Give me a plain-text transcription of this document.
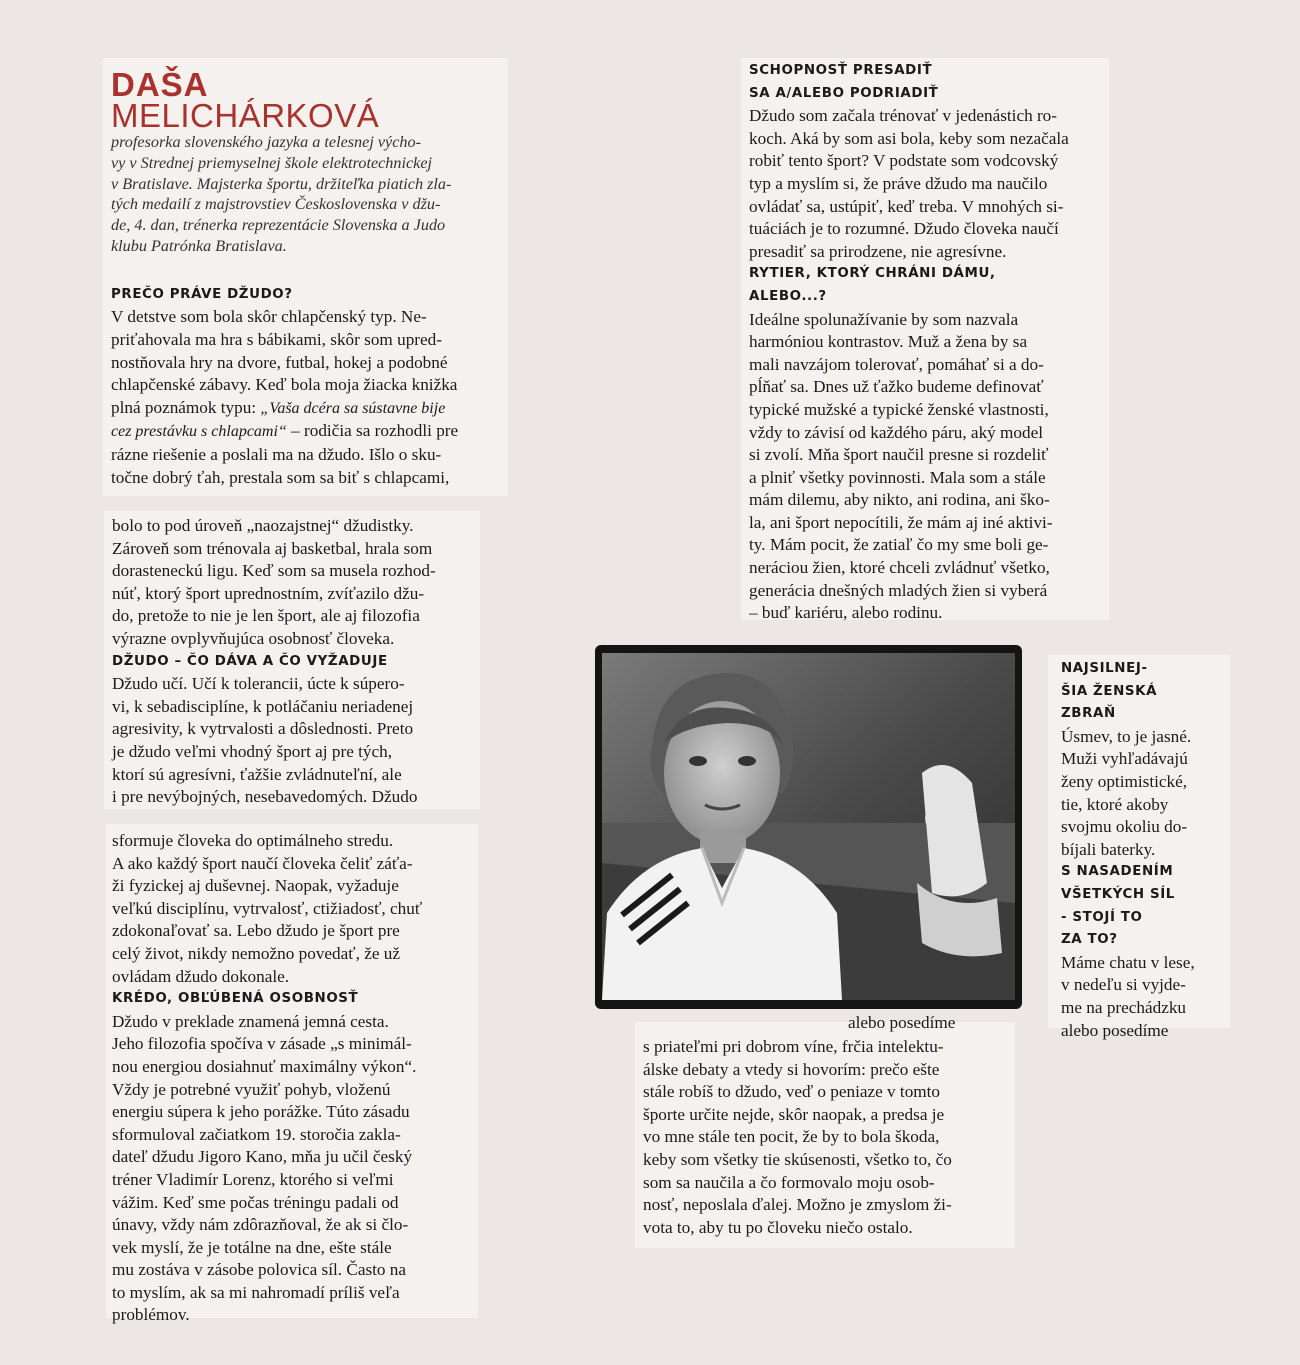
DAŠA
MELICHÁRKOVÁ
profesorka slovenského jazyka a telesnej výcho-
vy v Strednej priemyselnej škole elektrotechnickej
v Bratislave. Majsterka športu, držiteľka piatich zla-
tých medailí z majstrovstiev Československa v džu-
de, 4. dan, trénerka reprezentácie Slovenska a Judo
klubu Patrónka Bratislava.
PREČO PRÁVE DŽUDO?
V detstve som bola skôr chlapčenský typ. Ne-
priťahovala ma hra s bábikami, skôr som upred-
nostňovala hry na dvore, futbal, hokej a podobné
chlapčenské zábavy. Keď bola moja žiacka knižka
plná poznámok typu: „Vaša dcéra sa sústavne bije
cez prestávku s chlapcami“ – rodičia sa rozhodli pre
rázne riešenie a poslali ma na džudo. Išlo o sku-
točne dobrý ťah, prestala som sa biť s chlapcami,
bolo to pod úroveň „naozajstnej“ džudistky.
Zároveň som trénovala aj basketbal, hrala som
dorasteneckú ligu. Keď som sa musela rozhod-
núť, ktorý šport uprednostním, zvíťazilo džu-
do, pretože to nie je len šport, ale aj filozofia
výrazne ovplyvňujúca osobnosť človeka.
DŽUDO – ČO DÁVA A ČO VYŽADUJE
Džudo učí. Učí k tolerancii, úcte k súpero-
vi, k sebadisciplíne, k potláčaniu neriadenej
agresivity, k vytrvalosti a dôslednosti. Preto
je džudo veľmi vhodný šport aj pre tých,
ktorí sú agresívni, ťažšie zvládnuteľní, ale
i pre nevýbojných, nesebavedomých. Džudo
sformuje človeka do optimálneho stredu.
A ako každý šport naučí človeka čeliť záťa-
ži fyzickej aj duševnej. Naopak, vyžaduje
veľkú disciplínu, vytrvalosť, ctižiadosť, chuť
zdokonaľovať sa. Lebo džudo je šport pre
celý život, nikdy nemožno povedať, že už
ovládam džudo dokonale.
KRÉDO, OBĽÚBENÁ OSOBNOSŤ
Džudo v preklade znamená jemná cesta.
Jeho filozofia spočíva v zásade „s minimál-
nou energiou dosiahnuť maximálny výkon“.
Vždy je potrebné využiť pohyb, vloženú
energiu súpera k jeho porážke. Túto zásadu
sformuloval začiatkom 19. storočia zakla-
dateľ džudu Jigoro Kano, mňa ju učil český
tréner Vladimír Lorenz, ktorého si veľmi
vážim. Keď sme počas tréningu padali od
únavy, vždy nám zdôrazňoval, že ak si člo-
vek myslí, že je totálne na dne, ešte stále
mu zostáva v zásobe polovica síl. Často na
to myslím, ak sa mi nahromadí príliš veľa
problémov.
SCHOPNOSŤ PRESADIŤ
SA A/ALEBO PODRIADIŤ
Džudo som začala trénovať v jedenástich ro-
koch. Aká by som asi bola, keby som nezačala
robiť tento šport? V podstate som vodcovský
typ a myslím si, že práve džudo ma naučilo
ovládať sa, ustúpiť, keď treba. V mnohých si-
tuáciách je to rozumné. Džudo človeka naučí
presadiť sa prirodzene, nie agresívne.
RYTIER, KTORÝ CHRÁNI DÁMU,
ALEBO...?
Ideálne spolunažívanie by som nazvala
harmóniou kontrastov. Muž a žena by sa
mali navzájom tolerovať, pomáhať si a do-
pĺňať sa. Dnes už ťažko budeme definovať
typické mužské a typické ženské vlastnosti,
vždy to závisí od každého páru, aký model
si zvolí. Mňa šport naučil presne si rozdeliť
a plniť všetky povinnosti. Mala som a stále
mám dilemu, aby nikto, ani rodina, ani ško-
la, ani šport nepocítili, že mám aj iné aktivi-
ty. Mám pocit, že zatiaľ čo my sme boli ge-
neráciou žien, ktoré chceli zvládnuť všetko,
generácia dnešných mladých žien si vyberá
– buď kariéru, alebo rodinu.
NAJSILNEJ-
ŠIA ŽENSKÁ
ZBRAŇ
Úsmev, to je jasné.
Muži vyhľadávajú
ženy optimistické,
tie, ktoré akoby
svojmu okoliu do-
bíjali baterky.
S NASADENÍM
VŠETKÝCH SÍL
- STOJÍ TO
ZA TO?
Máme chatu v lese,
v nedeľu si vyjde-
me na prechádzku
alebo posedíme
alebo posedíme
s priateľmi pri dobrom víne, frčia intelektu-
álske debaty a vtedy si hovorím: prečo ešte
stále robíš to džudo, veď o peniaze v tomto
športe určite nejde, skôr naopak, a predsa je
vo mne stále ten pocit, že by to bola škoda,
keby som všetky tie skúsenosti, všetko to, čo
som sa naučila a čo formovalo moju osob-
nosť, neposlala ďalej. Možno je zmyslom ži-
vota to, aby tu po človeku niečo ostalo.
